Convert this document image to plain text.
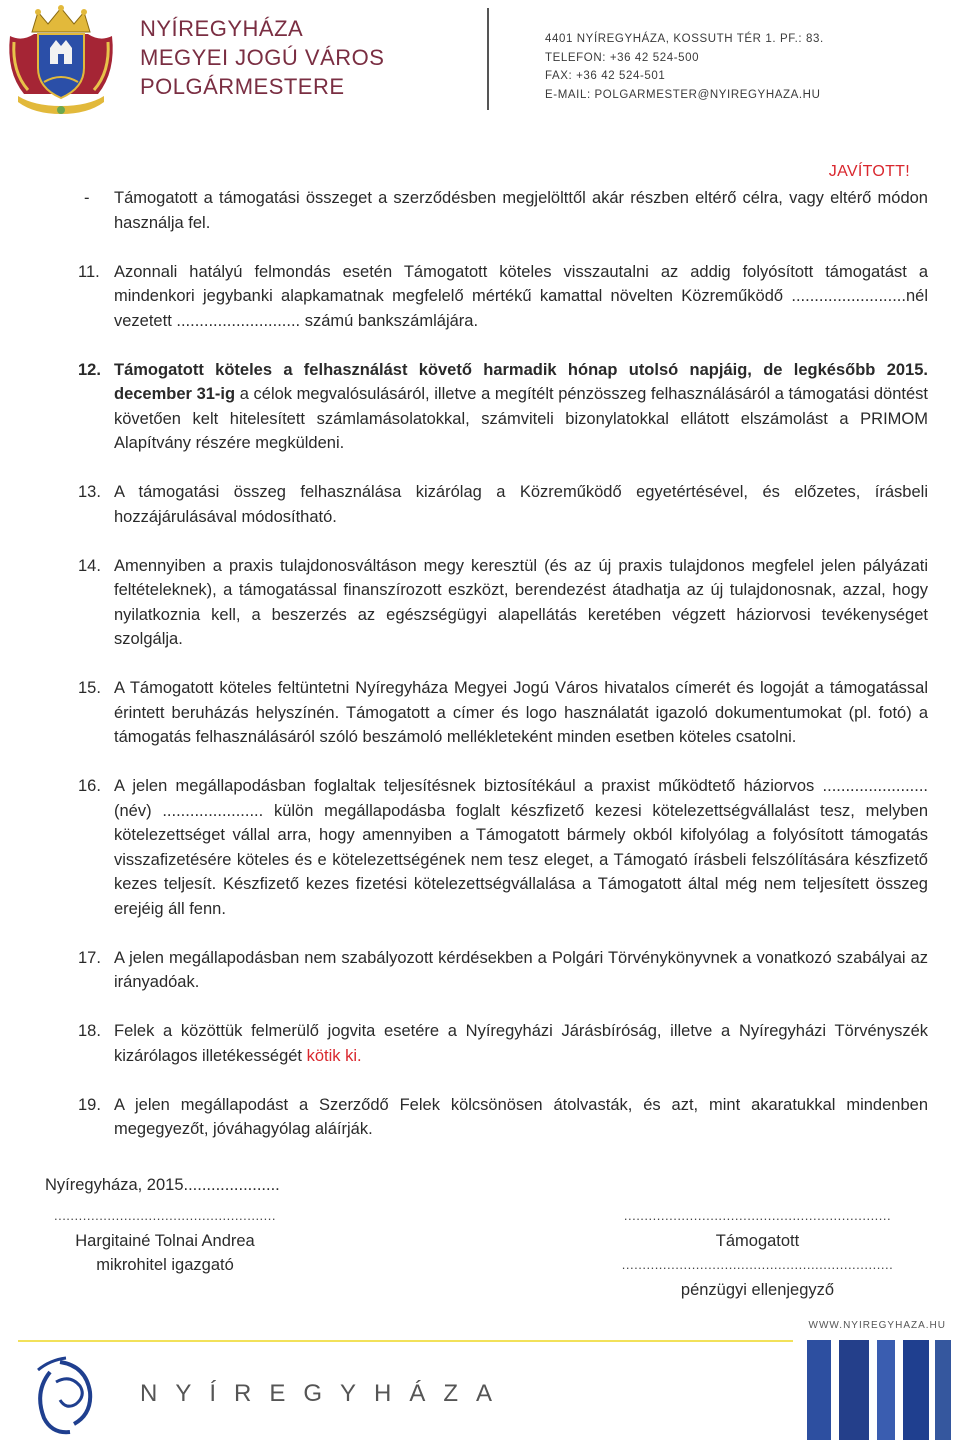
NYÍREGYHÁZA
MEGYEI JOGÚ VÁROS
POLGÁRMESTERE
4401 NYÍREGYHÁZA, KOSSUTH TÉR 1. PF.: 83.
TELEFON: +36 42 524-500
FAX: +36 42 524-501
E-MAIL: POLGARMESTER@NYIREGYHAZA.HU
JAVÍTOTT!
-	Támogatott a támogatási összeget a szerződésben megjelölttől akár részben eltérő célra, vagy eltérő módon használja fel.
11. Azonnali hatályú felmondás esetén Támogatott köteles visszautalni az addig folyósított támogatást a mindenkori jegybanki alapkamatnak megfelelő mértékű kamattal növelten Közreműködő .........................nél vezetett ........................... számú bankszámlájára.
12. Támogatott köteles a felhasználást követő harmadik hónap utolsó napjáig, de legkésőbb 2015. december 31-ig a célok megvalósulásáról, illetve a megítélt pénzösszeg felhasználásáról a támogatási döntést követően kelt hitelesített számlamásolatokkal, számviteli bizonylatokkal ellátott elszámolást a PRIMOM Alapítvány részére megküldeni.
13. A támogatási összeg felhasználása kizárólag a Közreműködő egyetértésével, és előzetes, írásbeli hozzájárulásával módosítható.
14. Amennyiben a praxis tulajdonosváltáson megy keresztül (és az új praxis tulajdonos megfelel jelen pályázati feltételeknek), a támogatással finanszírozott eszközt, berendezést átadhatja az új tulajdonosnak, azzal, hogy nyilatkoznia kell, a beszerzés az egészségügyi alapellátás keretében végzett háziorvosi tevékenységet szolgálja.
15. A Támogatott köteles feltüntetni Nyíregyháza Megyei Jogú Város hivatalos címerét és logoját a támogatással érintett beruházás helyszínén. Támogatott a címer és logo használatát igazoló dokumentumokat (pl. fotó) a támogatás felhasználásáról szóló beszámoló mellékleteként minden esetben köteles csatolni.
16. A jelen megállapodásban foglaltak teljesítésnek biztosítékául a praxist működtető háziorvos ....................... (név) ...................... külön megállapodásba foglalt készfizető kezesi kötelezettségvállalást tesz, melyben kötelezettséget vállal arra, hogy amennyiben a Támogatott bármely okból kifolyólag a folyósított támogatás visszafizetésére köteles és e kötelezettségének nem tesz eleget, a Támogató írásbeli felszólítására készfizető kezes teljesít. Készfizető kezes fizetési kötelezettségvállalása a Támogatott által még nem teljesített összeg erejéig áll fenn.
17. A jelen megállapodásban nem szabályozott kérdésekben a Polgári Törvénykönyvnek a vonatkozó szabályai az irányadóak.
18. Felek a közöttük felmerülő jogvita esetére a Nyíregyházi Járásbíróság, illetve a Nyíregyházi Törvényszék kizárólagos illetékességét kötik ki.
19. A jelen megállapodást a Szerződő Felek kölcsönösen átolvasták, és azt, mint akaratukkal mindenben megegyezőt, jóváhagyólag aláírják.
Nyíregyháza, 2015.....................
......................................................
Hargitainé Tolnai Andrea
mikrohitel igazgató
.................................................................
Támogatott
..................................................................
pénzügyi ellenjegyző
WWW.NYIREGYHAZA.HU
NYÍREGYHÁZA
